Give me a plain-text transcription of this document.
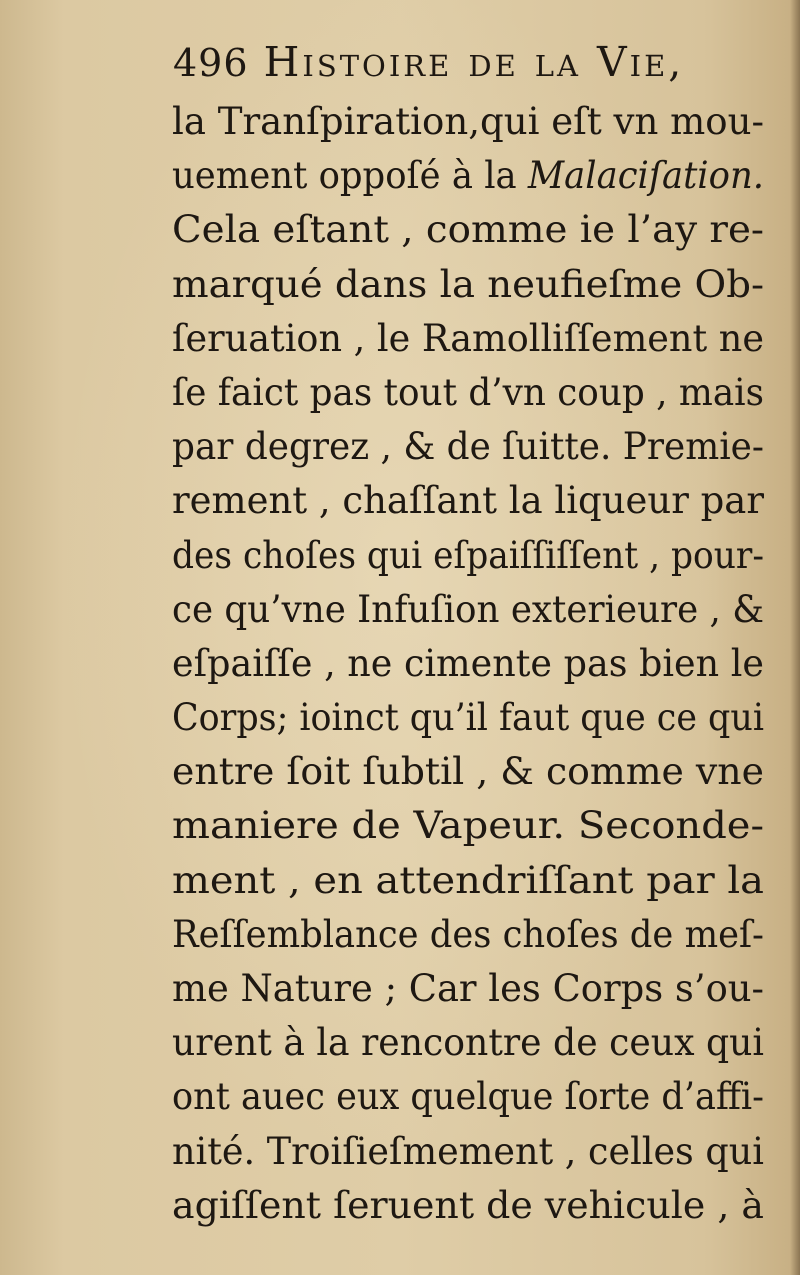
496 Histoire de la Vie,
la Tranſpiration,qui eſt vn mou-
uement oppoſé à la Malaciſation.
Cela eſtant , comme ie l’ay re-
marqué dans la neufieſme Ob-
ſeruation , le Ramolliſſement ne
ſe faict pas tout d’vn coup , mais
par degrez , & de ſuitte. Premie-
rement , chaſſant la liqueur par
des choſes qui eſpaiſſiſſent , pour-
ce qu’vne Infuſion exterieure , &
eſpaiſſe , ne cimente pas bien le
Corps; ioinct qu’il faut que ce qui
entre ſoit ſubtil , & comme vne
maniere de Vapeur. Seconde-
ment , en attendriſſant par la
Reſſemblance des choſes de meſ-
me Nature ; Car les Corps s’ou-
urent à la rencontre de ceux qui
ont auec eux quelque ſorte d’affi-
nité. Troiſieſmement , celles qui
agiſſent ſeruent de vehicule , à
